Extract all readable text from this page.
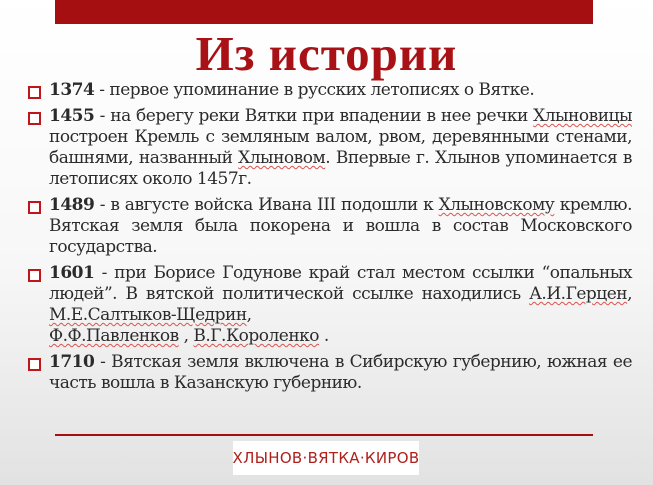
Из истории
1374 - первое упоминание в русских летописях о Вятке.
1455 - на берегу реки Вятки при впадении в нее речки Хлыновицы построен Кремль с земляным валом, рвом, деревянными стенами, башнями, названный Хлыновом. Впервые г. Хлынов упоминается в летописях около 1457г.
1489 - в августе войска Ивана III подошли к Хлыновскому кремлю. Вятская земля была покорена и вошла в состав Московского государства.
1601 - при Борисе Годунове край стал местом ссылки “опальных людей”. В вятской политической ссылке находились А.И.Герцен, М.Е.Салтыков-Щедрин,
Ф.Ф.Павленков , В.Г.Короленко .
1710 - Вятская земля включена в Сибирскую губернию, южная ее часть вошла в Казанскую губернию.
ХЛЫНОВ·ВЯТКА·КИРОВ
